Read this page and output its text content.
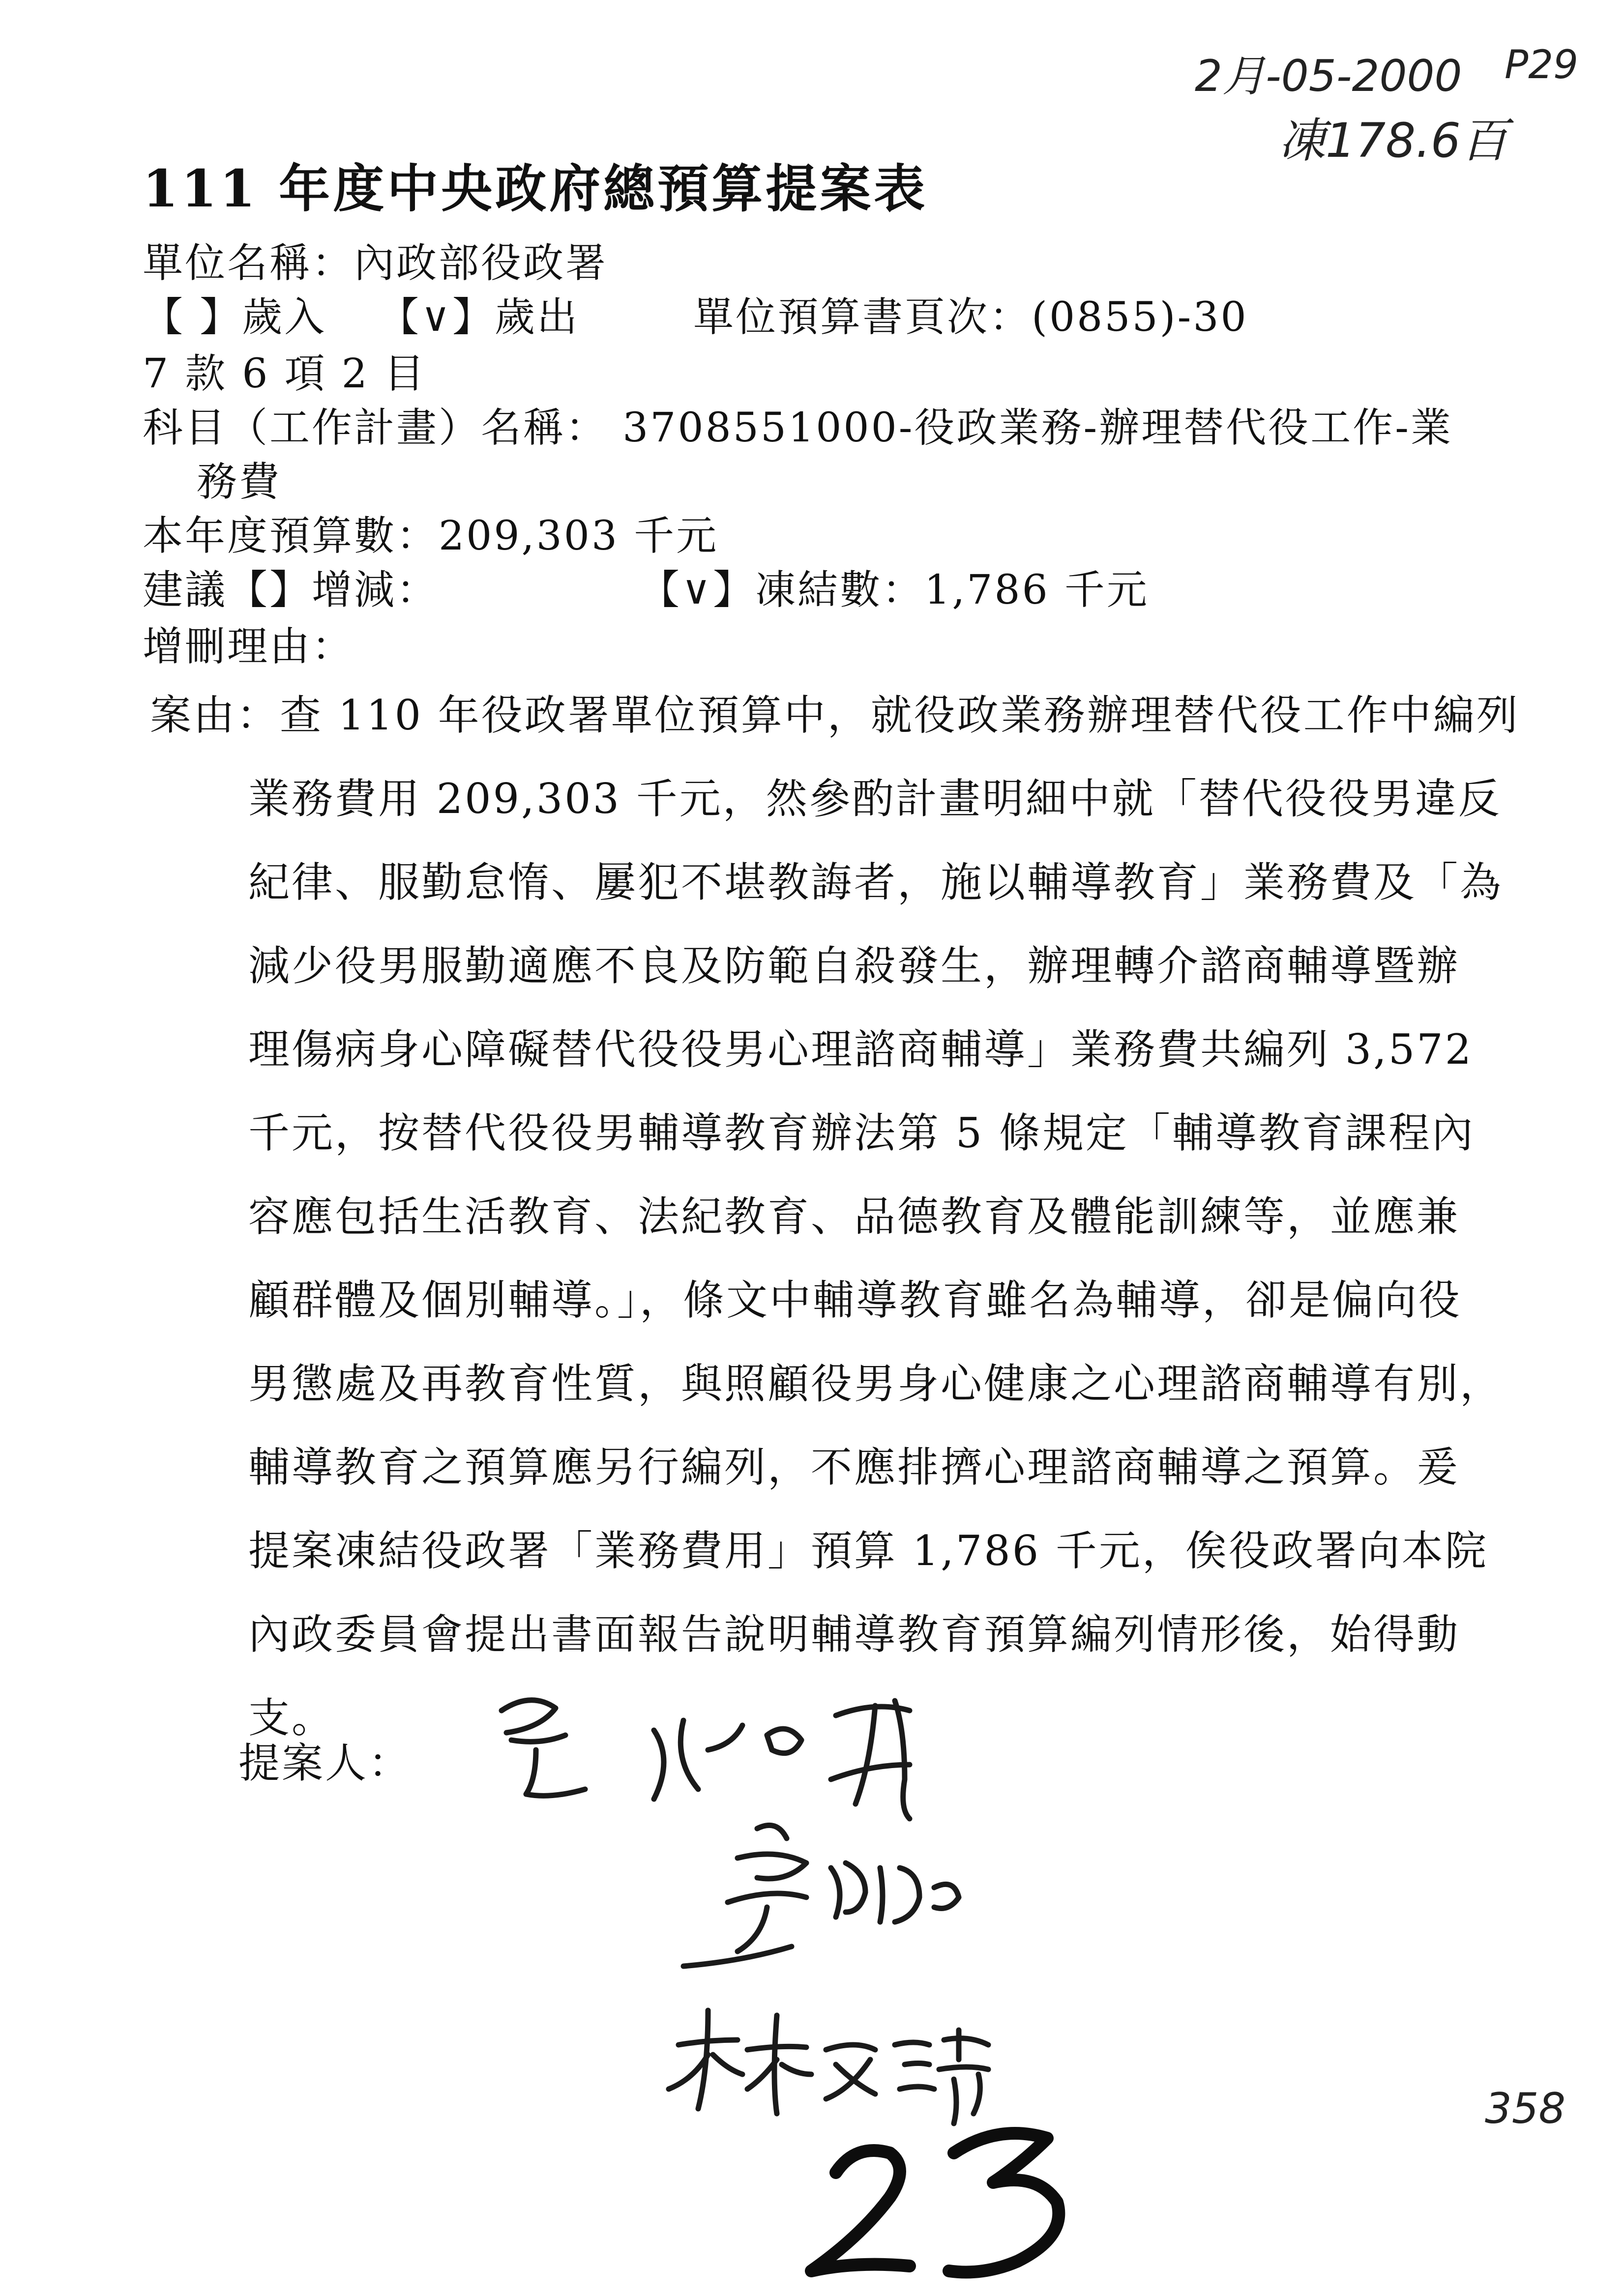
2月-05-2000 P29
凍178.6百
111 年度中央政府總預算提案表
單位名稱：內政部役政署
【 】歲入 【∨】歲出	單位預算書頁次：(0855)-30
7 款 6 項 2 目
科目（工作計畫）名稱： 3708551000-役政業務-辦理替代役工作-業
務費
本年度預算數：209,303 千元
建議【】增減：	【∨】凍結數：1,786 千元
增刪理由：
案由：查 110 年役政署單位預算中，就役政業務辦理替代役工作中編列
業務費用 209,303 千元，然參酌計畫明細中就「替代役役男違反
紀律、服勤怠惰、屢犯不堪教誨者，施以輔導教育」業務費及「為
減少役男服勤適應不良及防範自殺發生，辦理轉介諮商輔導暨辦
理傷病身心障礙替代役役男心理諮商輔導」業務費共編列 3,572
千元，按替代役役男輔導教育辦法第 5 條規定「輔導教育課程內
容應包括生活教育、法紀教育、品德教育及體能訓練等，並應兼
顧群體及個別輔導。」，條文中輔導教育雖名為輔導，卻是偏向役
男懲處及再教育性質，與照顧役男身心健康之心理諮商輔導有別，
輔導教育之預算應另行編列，不應排擠心理諮商輔導之預算。爰
提案凍結役政署「業務費用」預算 1,786 千元，俟役政署向本院
內政委員會提出書面報告說明輔導教育預算編列情形後，始得動
支。
提案人：
358
